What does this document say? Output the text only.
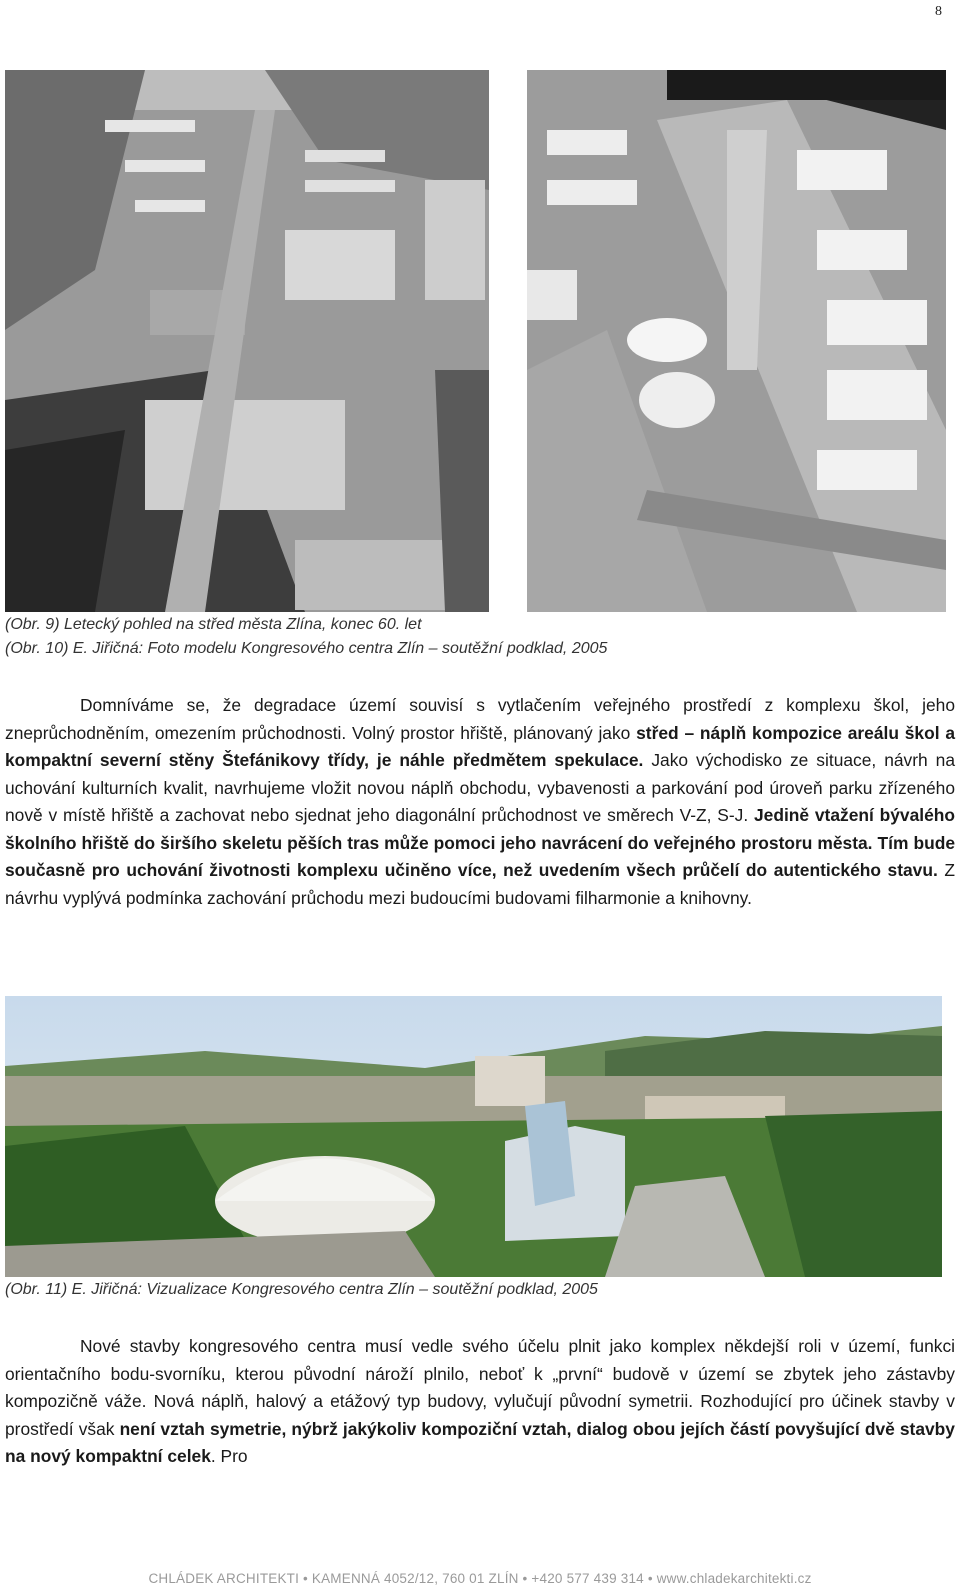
8
(Obr. 9) Letecký pohled na střed města Zlína, konec 60. let
(Obr. 10) E. Jiřičná: Foto modelu Kongresového centra Zlín – soutěžní podklad, 2005

Domníváme se, že degradace území souvisí s vytlačením veřejného prostředí z komplexu škol, jeho zneprůchodněním, omezením průchodnosti. Volný prostor hřiště, plánovaný jako střed – náplň kompozice areálu škol a kompaktní severní stěny Štefánikovy třídy, je náhle předmětem spekulace. Jako východisko ze situace, návrh na uchování kulturních kvalit, navrhujeme vložit novou náplň obchodu, vybavenosti a parkování pod úroveň parku zřízeného nově v místě hřiště a zachovat nebo sjednat jeho diagonální průchodnost ve směrech V-Z, S-J. Jedině vtažení bývalého školního hřiště do širšího skeletu pěších tras může pomoci jeho navrácení do veřejného prostoru města. Tím bude současně pro uchování životnosti komplexu učiněno více, než uvedením všech průčelí do autentického stavu. Z návrhu vyplývá podmínka zachování průchodu mezi budoucími budovami filharmonie a knihovny.

(Obr. 11) E. Jiřičná: Vizualizace Kongresového centra Zlín – soutěžní podklad, 2005

Nové stavby kongresového centra musí vedle svého účelu plnit jako komplex někdejší roli v území, funkci orientačního bodu-svorníku, kterou původní nároží plnilo, neboť k „první“ budově v území se zbytek jeho zástavby kompozičně váže. Nová náplň, halový a etážový typ budovy, vylučují původní symetrii. Rozhodující pro účinek stavby v prostředí však není vztah symetrie, nýbrž jakýkoliv kompoziční vztah, dialog obou jejích částí povyšující dvě stavby na nový kompaktní celek. Pro

CHLÁDEK ARCHITEKTI • KAMENNÁ 4052/12, 760 01 ZLÍN • +420 577 439 314 • www.chladekarchitekti.cz
